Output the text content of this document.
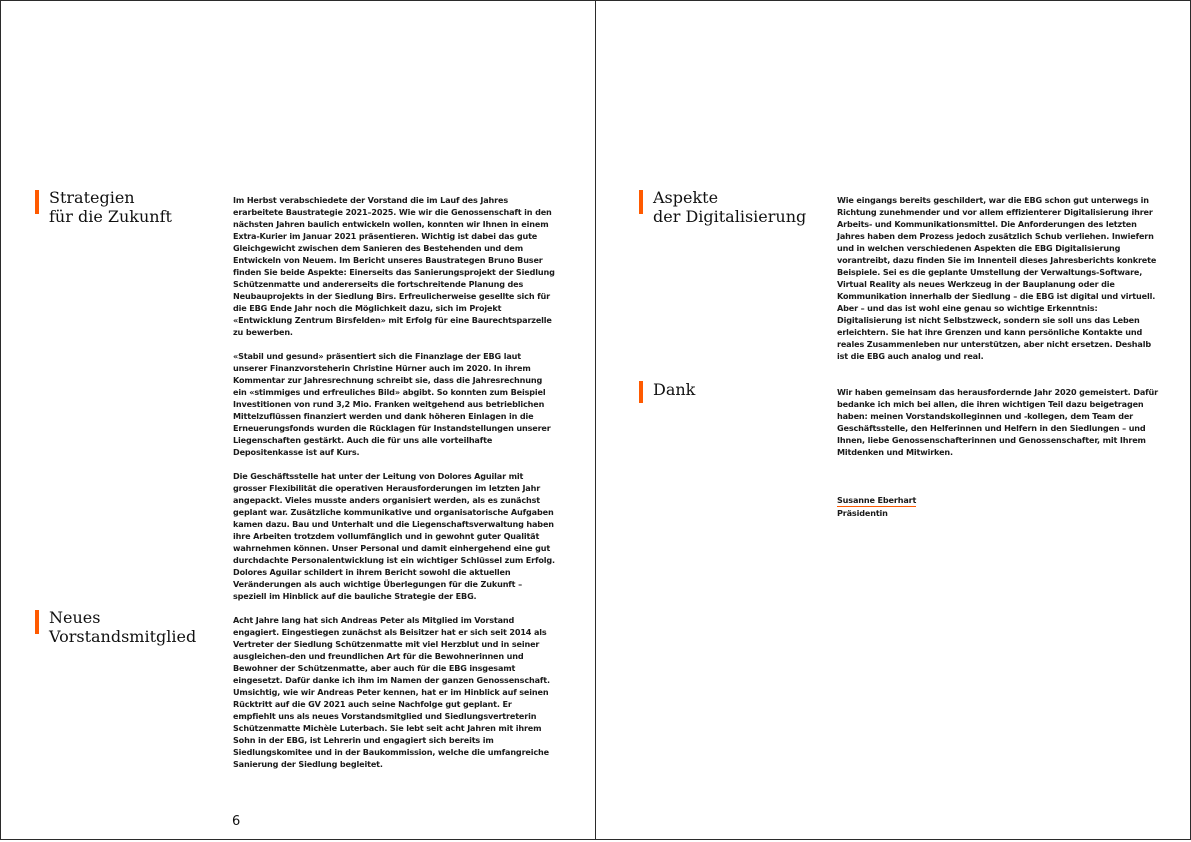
Strategien
für die Zukunft

Im Herbst verabschiedete der Vorstand die im Lauf des Jahres erarbeitete Baustrategie 2021–2025. Wie wir die Genossenschaft in den nächsten Jahren baulich entwickeln wollen, konnten wir Ihnen in einem Extra-Kurier im Januar 2021 präsentieren. Wichtig ist dabei das gute Gleichgewicht zwischen dem Sanieren des Bestehenden und dem Entwickeln von Neuem. Im Bericht unseres Baustrategen Bruno Buser finden Sie beide Aspekte: Einerseits das Sanierungsprojekt der Siedlung Schützenmatte und andererseits die fortschreitende Planung des Neubauprojekts in der Siedlung Birs. Erfreulicherweise gesellte sich für die EBG Ende Jahr noch die Möglichkeit dazu, sich im Projekt «Entwicklung Zentrum Birsfelden» mit Erfolg für eine Baurechtsparzelle zu bewerben.

«Stabil und gesund» präsentiert sich die Finanzlage der EBG laut unserer Finanzvorsteherin Christine Hürner auch im 2020. In ihrem Kommentar zur Jahresrechnung schreibt sie, dass die Jahresrechnung ein «stimmiges und erfreuliches Bild» abgibt. So konnten zum Beispiel Investitionen von rund 3,2 Mio. Franken weitgehend aus betrieblichen Mittelzuflüssen finanziert werden und dank höheren Einlagen in die Erneuerungsfonds wurden die Rücklagen für Instandstellungen unserer Liegenschaften gestärkt. Auch die für uns alle vorteilhafte Depositenkasse ist auf Kurs.

Die Geschäftsstelle hat unter der Leitung von Dolores Aguilar mit grosser Flexibilität die operativen Herausforderungen im letzten Jahr angepackt. Vieles musste anders organisiert werden, als es zunächst geplant war. Zusätzliche kommunikative und organisatorische Aufgaben kamen dazu. Bau und Unterhalt und die Liegenschaftsverwaltung haben ihre Arbeiten trotzdem vollumfänglich und in gewohnt guter Qualität wahrnehmen können. Unser Personal und damit einhergehend eine gut durchdachte Personalentwicklung ist ein wichtiger Schlüssel zum Erfolg. Dolores Aguilar schildert in ihrem Bericht sowohl die aktuellen Veränderungen als auch wichtige Überlegungen für die Zukunft – speziell im Hinblick auf die bauliche Strategie der EBG.

Neues
Vorstandsmitglied

Acht Jahre lang hat sich Andreas Peter als Mitglied im Vorstand engagiert. Eingestiegen zunächst als Beisitzer hat er sich seit 2014 als Vertreter der Siedlung Schützenmatte mit viel Herzblut und in seiner ausgleichen-den und freundlichen Art für die Bewohnerinnen und Bewohner der Schützenmatte, aber auch für die EBG insgesamt eingesetzt. Dafür danke ich ihm im Namen der ganzen Genossenschaft. Umsichtig, wie wir Andreas Peter kennen, hat er im Hinblick auf seinen Rücktritt auf die GV 2021 auch seine Nachfolge gut geplant. Er empfiehlt uns als neues Vorstandsmitglied und Siedlungsvertreterin Schützenmatte Michèle Luterbach. Sie lebt seit acht Jahren mit ihrem Sohn in der EBG, ist Lehrerin und engagiert sich bereits im Siedlungskomitee und in der Baukommission, welche die umfangreiche Sanierung der Siedlung begleitet.

6
Aspekte
der Digitalisierung

Wie eingangs bereits geschildert, war die EBG schon gut unterwegs in Richtung zunehmender und vor allem effizienterer Digitalisierung ihrer Arbeits- und Kommunikationsmittel. Die Anforderungen des letzten Jahres haben dem Prozess jedoch zusätzlich Schub verliehen. Inwiefern und in welchen verschiedenen Aspekten die EBG Digitalisierung vorantreibt, dazu finden Sie im Innenteil dieses Jahresberichts konkrete Beispiele. Sei es die geplante Umstellung der Verwaltungs-Software, Virtual Reality als neues Werkzeug in der Bauplanung oder die Kommunikation innerhalb der Siedlung – die EBG ist digital und virtuell. Aber – und das ist wohl eine genau so wichtige Erkenntnis: Digitalisierung ist nicht Selbstzweck, sondern sie soll uns das Leben erleichtern. Sie hat ihre Grenzen und kann persönliche Kontakte und reales Zusammenleben nur unterstützen, aber nicht ersetzen. Deshalb ist die EBG auch analog und real.

Dank	Wir haben gemeinsam das herausfordernde Jahr 2020 gemeistert. Dafür bedanke ich mich bei allen, die ihren wichtigen Teil dazu beigetragen haben: meinen Vorstandskolleginnen und -kollegen, dem Team der Geschäftsstelle, den Helferinnen und Helfern in den Siedlungen – und Ihnen, liebe Genossenschafterinnen und Genossenschafter, mit Ihrem Mitdenken und Mitwirken.

Susanne Eberhart
Präsidentin
